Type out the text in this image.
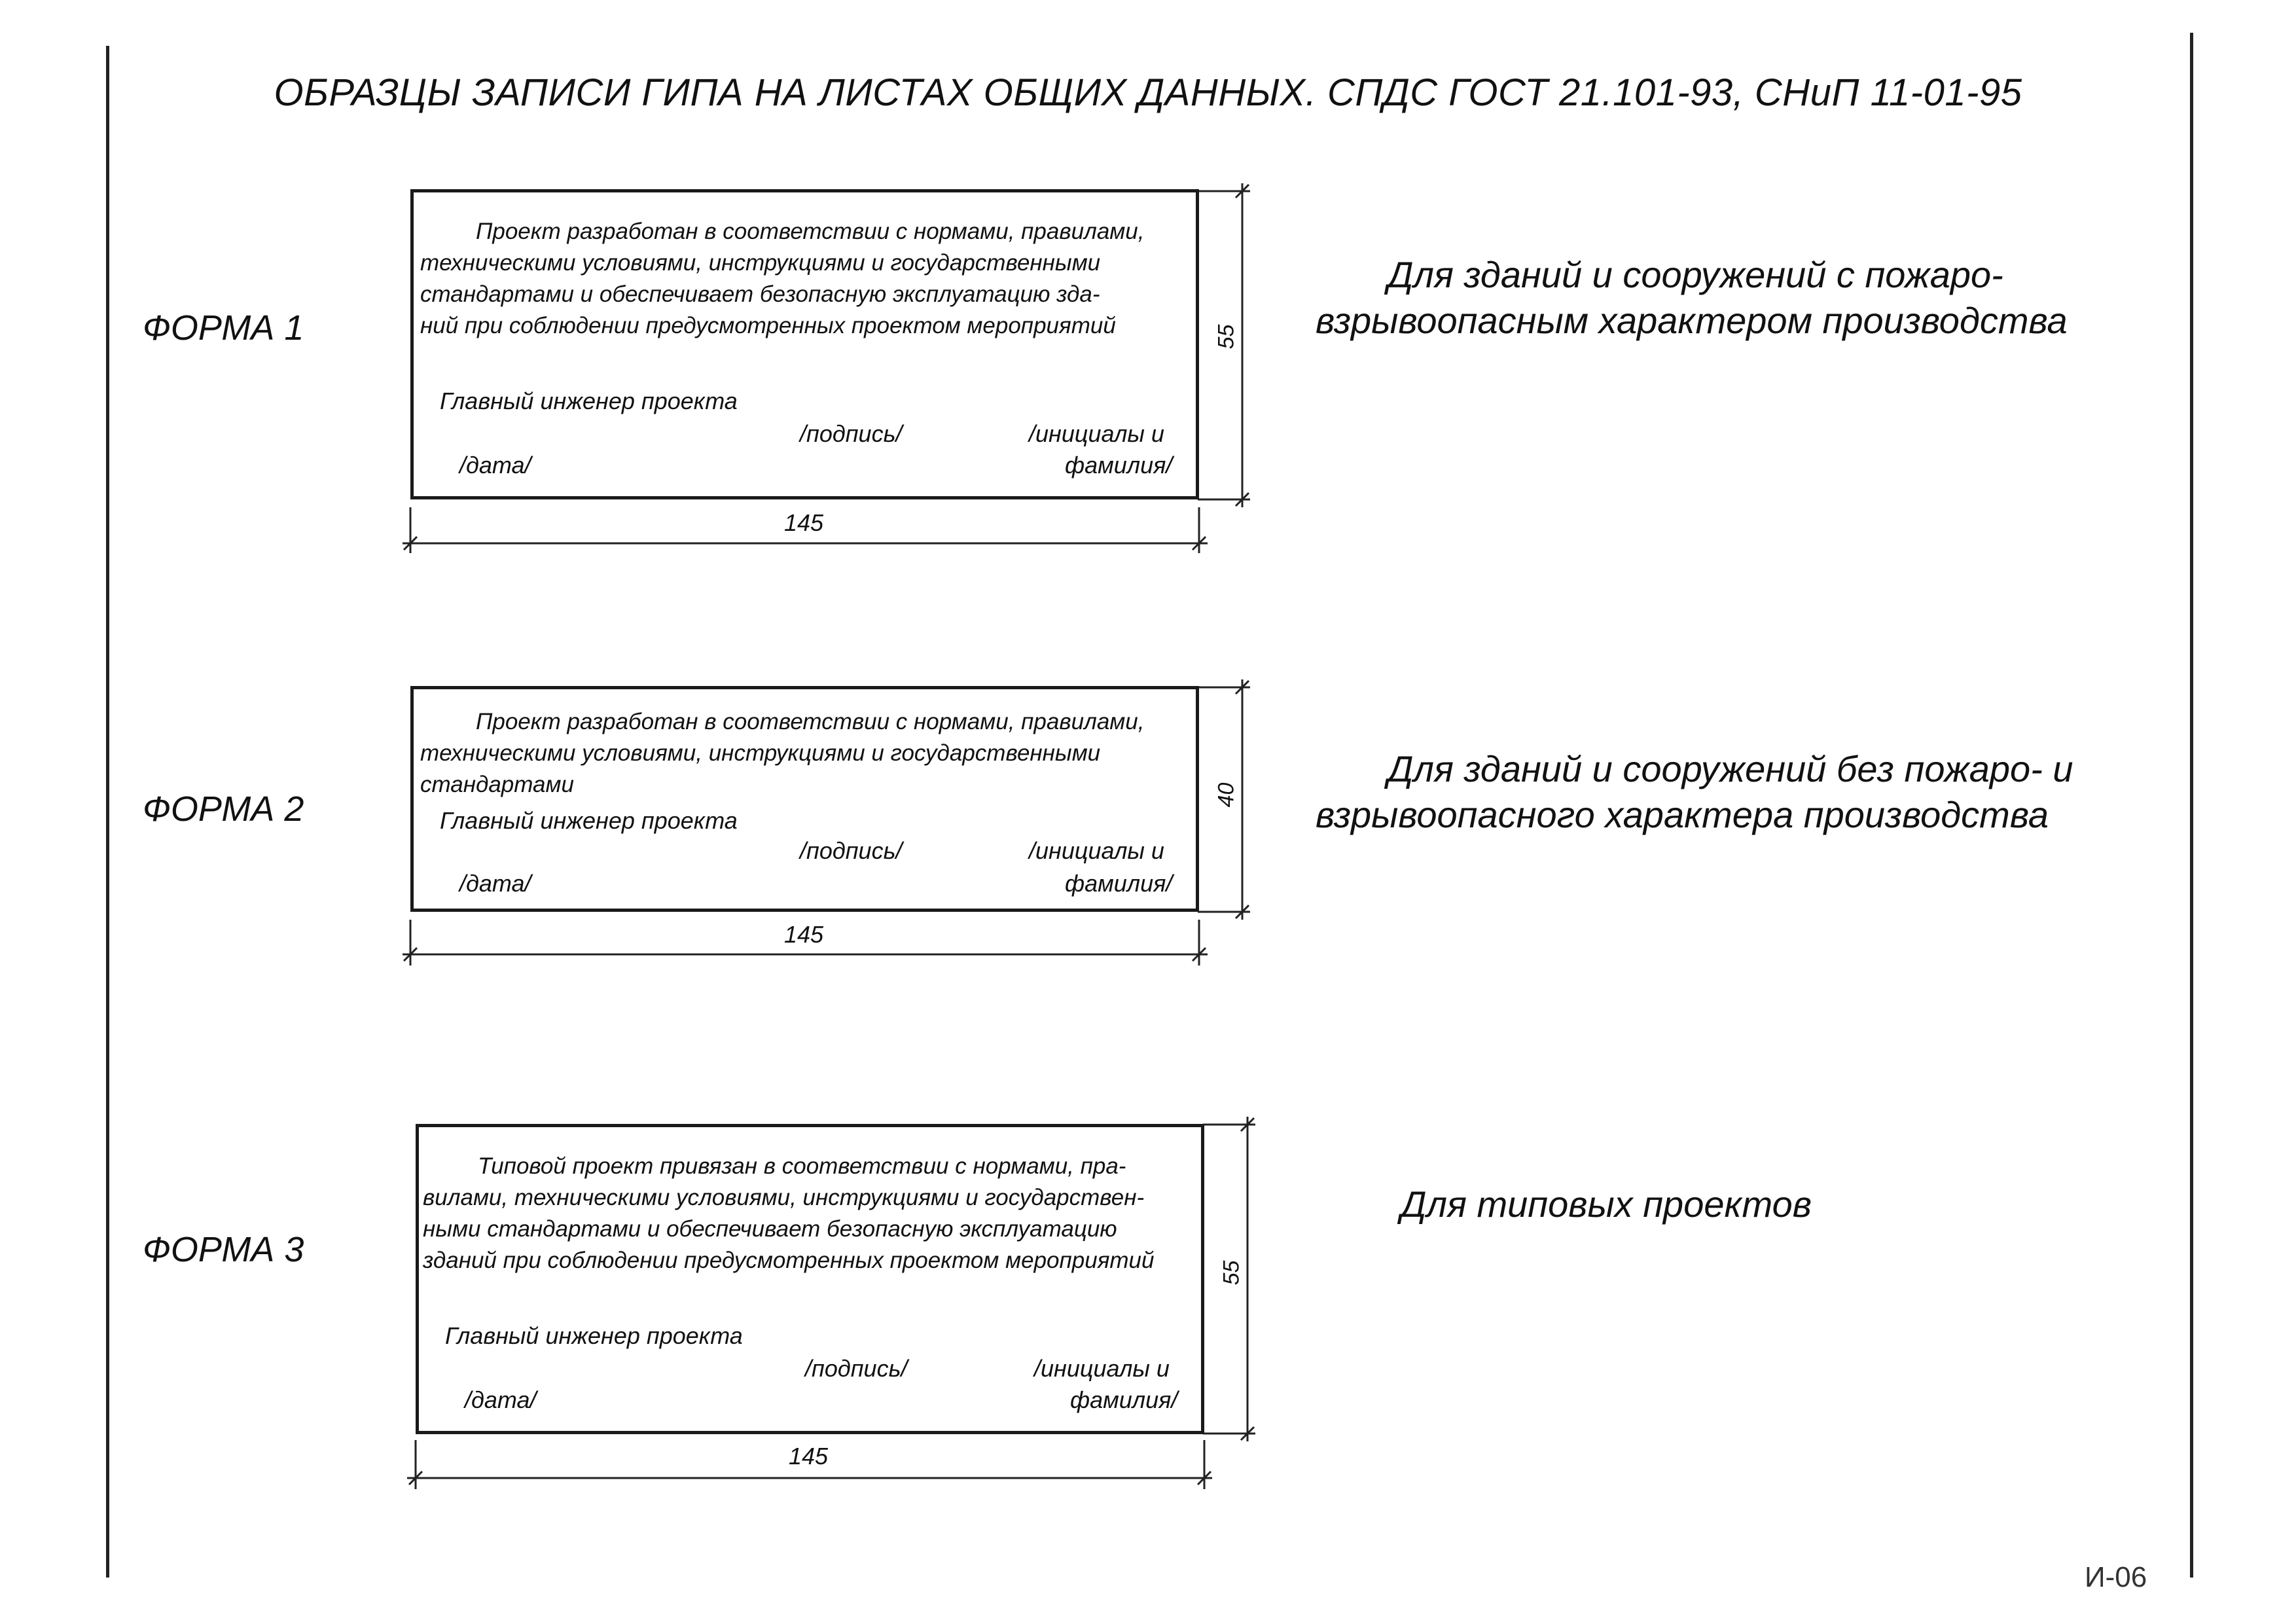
ОБРАЗЦЫ ЗАПИСИ ГИПА НА ЛИСТАХ ОБЩИХ ДАННЫХ. СПДС ГОСТ 21.101-93, СНиП 11-01-95
ФОРМА 1
Проект разработан в соответствии с нормами, правилами,
техническими условиями, инструкциями и государственными
стандартами и обеспечивает безопасную эксплуатацию зда-
ний при соблюдении предусмотренных проектом мероприятий
Главный инженер проекта
/подпись/	/инициалы и
/дата/	фамилия/
55
145
Для зданий и сооружений с пожаро-
взрывоопасным характером производства
ФОРМА 2
Проект разработан в соответствии с нормами, правилами,
техническими условиями, инструкциями и государственными
стандартами
Главный инженер проекта
/подпись/	/инициалы и
/дата/	фамилия/
40
145
Для зданий и сооружений без пожаро- и
взрывоопасного характера производства
ФОРМА 3
Типовой проект привязан в соответствии с нормами, пра-
вилами, техническими условиями, инструкциями и государствен-
ными стандартами и обеспечивает безопасную эксплуатацию
зданий при соблюдении предусмотренных проектом мероприятий
Главный инженер проекта
/подпись/	/инициалы и
/дата/	фамилия/
55
145
Для типовых проектов
И-06
